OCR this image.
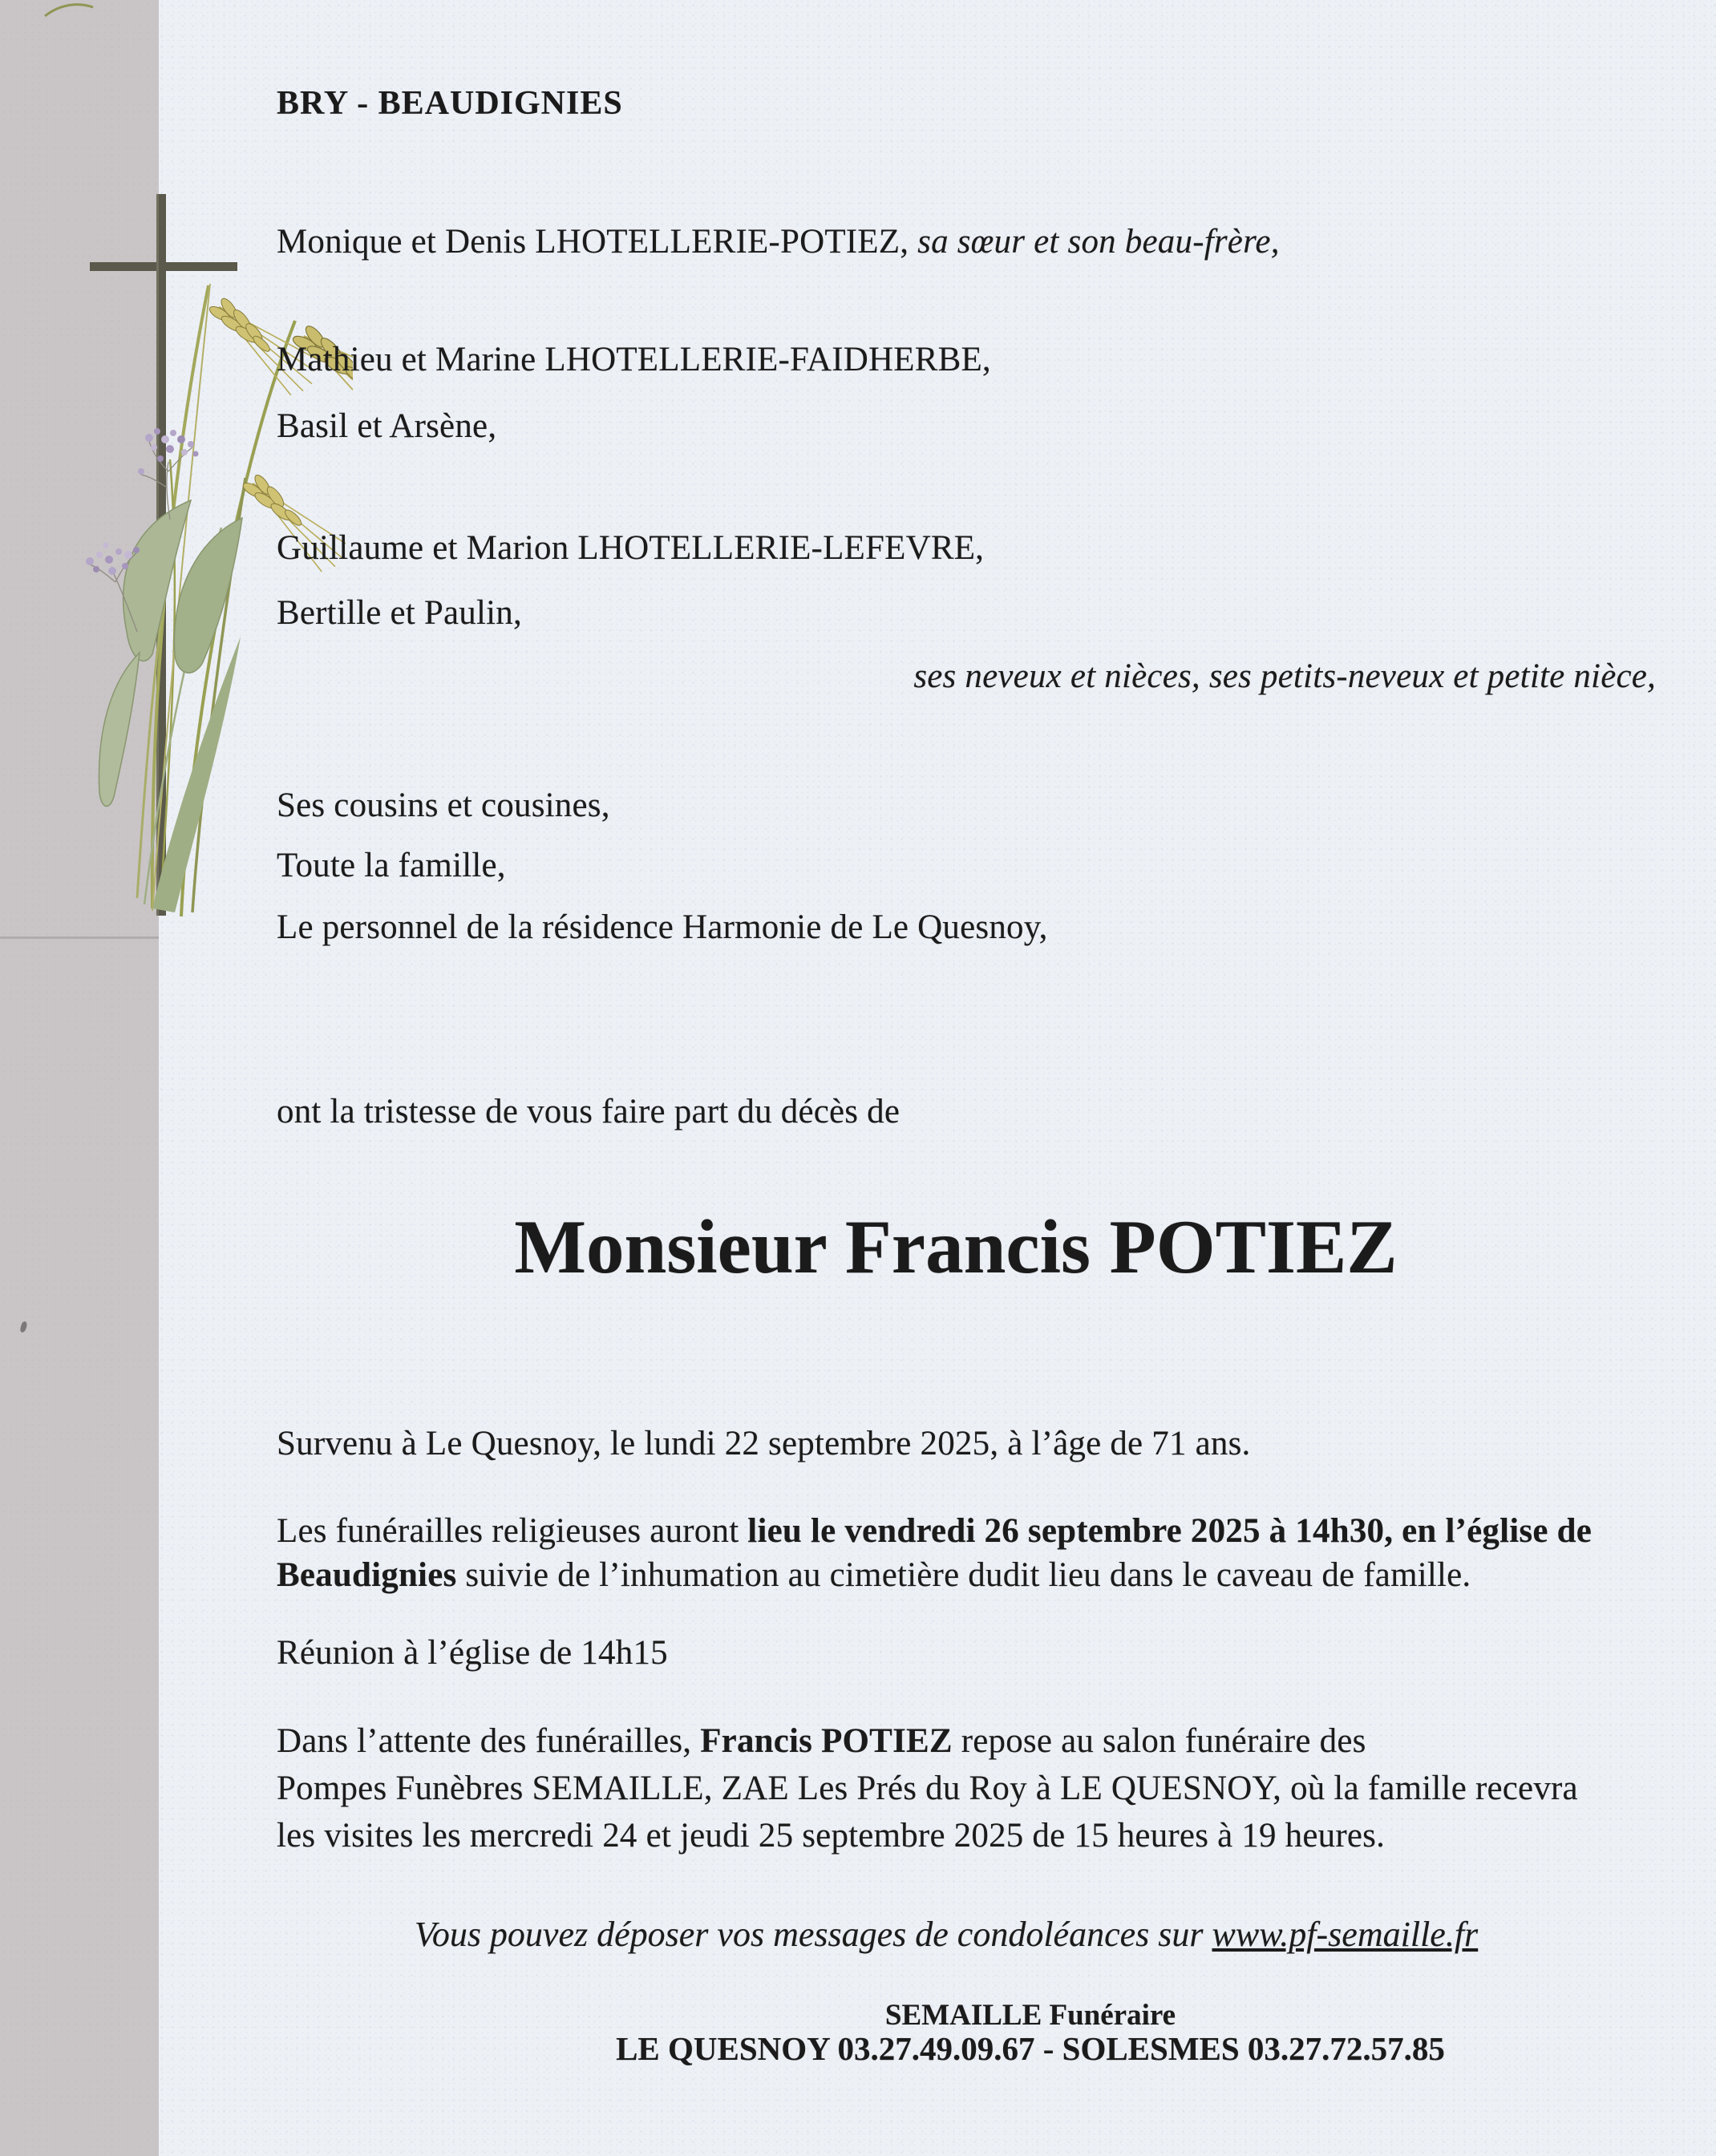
BRY - BEAUDIGNIES
Monique et Denis LHOTELLERIE-POTIEZ, sa sœur et son beau-frère,
Mathieu et Marine LHOTELLERIE-FAIDHERBE,
Basil et Arsène,
Guillaume et Marion LHOTELLERIE-LEFEVRE,
Bertille et Paulin,
ses neveux et nièces, ses petits-neveux et petite nièce,
Ses cousins et cousines,
Toute la famille,
Le personnel de la résidence Harmonie de Le Quesnoy,
ont la tristesse de vous faire part du décès de
Monsieur Francis POTIEZ
Survenu à Le Quesnoy, le lundi 22 septembre 2025, à l’âge de 71 ans.
Les funérailles religieuses auront lieu le vendredi 26 septembre 2025 à 14h30, en l’église de
Beaudignies suivie de l’inhumation au cimetière dudit lieu dans le caveau de famille.
Réunion à l’église de 14h15
Dans l’attente des funérailles, Francis POTIEZ repose au salon funéraire des
Pompes Funèbres SEMAILLE, ZAE Les Prés du Roy à LE QUESNOY, où la famille recevra
les visites les mercredi 24 et jeudi 25 septembre 2025 de 15 heures à 19 heures.
Vous pouvez déposer vos messages de condoléances sur www.pf-semaille.fr
SEMAILLE Funéraire
LE QUESNOY 03.27.49.09.67 - SOLESMES 03.27.72.57.85
